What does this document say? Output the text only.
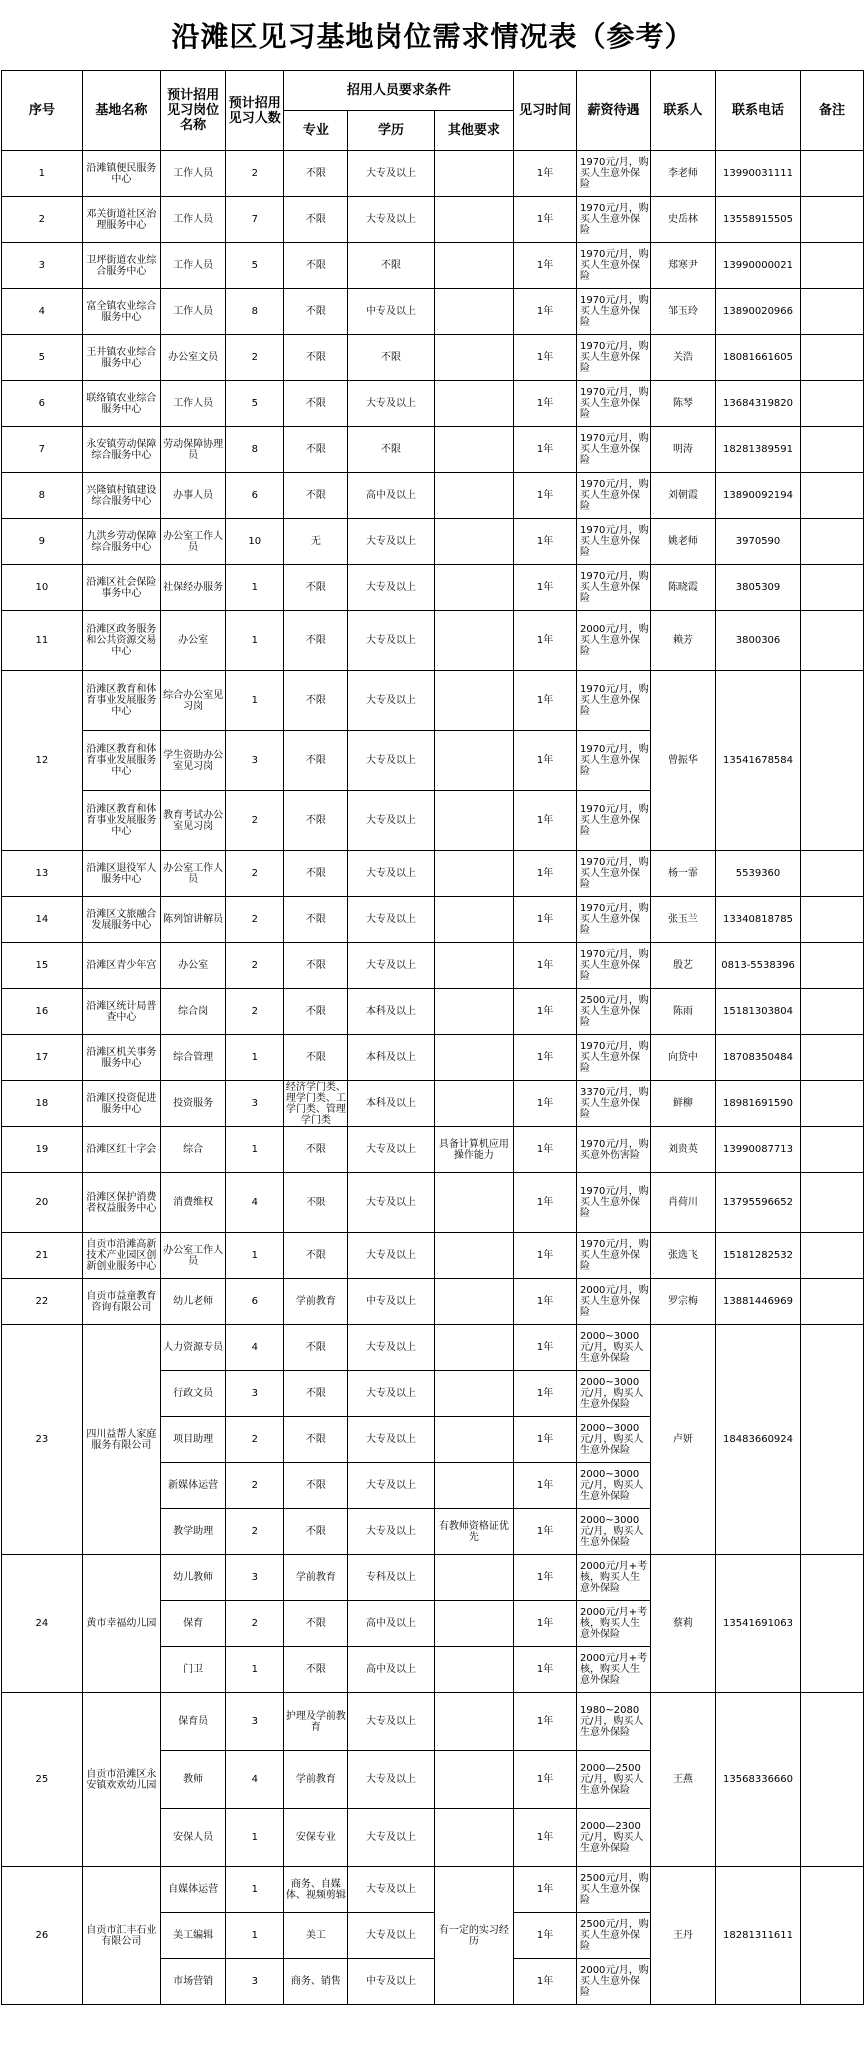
沿滩区见习基地岗位需求情况表（参考）
序号	基地名称	预计招用见习岗位名称	预计招用见习人数	招用人员要求条件			见习时间	薪资待遇	联系人	联系电话	备注
				专业	学历	其他要求					
1	沿滩镇便民服务中心	工作人员	2	不限	大专及以上		1年	1970元/月，购买人生意外保险	李老师	13990031111	
2	邓关街道社区治理服务中心	工作人员	7	不限	大专及以上		1年	1970元/月，购买人生意外保险	史岳林	13558915505	
3	卫坪街道农业综合服务中心	工作人员	5	不限	不限		1年	1970元/月，购买人生意外保险	郑寒尹	13990000021	
4	富全镇农业综合服务中心	工作人员	8	不限	中专及以上		1年	1970元/月，购买人生意外保险	邹玉玲	13890020966	
5	王井镇农业综合服务中心	办公室文员	2	不限	不限		1年	1970元/月，购买人生意外保险	关浩	18081661605	
6	联络镇农业综合服务中心	工作人员	5	不限	大专及以上		1年	1970元/月，购买人生意外保险	陈琴	13684319820	
7	永安镇劳动保障综合服务中心	劳动保障协理员	8	不限	不限		1年	1970元/月，购买人生意外保险	明涛	18281389591	
8	兴隆镇村镇建设综合服务中心	办事人员	6	不限	高中及以上		1年	1970元/月，购买人生意外保险	刘朝霞	13890092194	
9	九洪乡劳动保障综合服务中心	办公室工作人员	10	无	大专及以上		1年	1970元/月，购买人生意外保险	姚老师	3970590	
10	沿滩区社会保险事务中心	社保经办服务	1	不限	大专及以上		1年	1970元/月，购买人生意外保险	陈晓霞	3805309	
11	沿滩区政务服务和公共资源交易中心	办公室	1	不限	大专及以上		1年	2000元/月，购买人生意外保险	赖芳	3800306	
12	沿滩区教育和体育事业发展服务中心	综合办公室见习岗	1	不限	大专及以上		1年	1970元/月，购买人生意外保险	曾振华	13541678584	
	沿滩区教育和体育事业发展服务中心	学生资助办公室见习岗	3	不限	大专及以上		1年	1970元/月，购买人生意外保险			
	沿滩区教育和体育事业发展服务中心	教育考试办公室见习岗	2	不限	大专及以上		1年	1970元/月，购买人生意外保险			
13	沿滩区退役军人服务中心	办公室工作人员	2	不限	大专及以上		1年	1970元/月，购买人生意外保险	杨一霏	5539360	
14	沿滩区文旅融合发展服务中心	陈列馆讲解员	2	不限	大专及以上		1年	1970元/月，购买人生意外保险	张玉兰	13340818785	
15	沿滩区青少年宫	办公室	2	不限	大专及以上		1年	1970元/月，购买人生意外保险	殷艺	0813-5538396	
16	沿滩区统计局普查中心	综合岗	2	不限	本科及以上		1年	2500元/月，购买人生意外保险	陈雨	15181303804	
17	沿滩区机关事务服务中心	综合管理	1	不限	本科及以上		1年	1970元/月，购买人生意外保险	向贷中	18708350484	
18	沿滩区投资促进服务中心	投资服务	3	经济学门类、理学门类、工学门类、管理学门类	本科及以上		1年	3370元/月，购买人生意外保险	鲜柳	18981691590	
19	沿滩区红十字会	综合	1	不限	大专及以上	具备计算机应用操作能力	1年	1970元/月，购买意外伤害险	刘贵英	13990087713	
20	沿滩区保护消费者权益服务中心	消费维权	4	不限	大专及以上		1年	1970元/月，购买人生意外保险	肖荷川	13795596652	
21	自贡市沿滩高新技术产业园区创新创业服务中心	办公室工作人员	1	不限	大专及以上		1年	1970元/月，购买人生意外保险	张选飞	15181282532	
22	自贡市益童教育咨询有限公司	幼儿老师	6	学前教育	中专及以上		1年	2000元/月，购买人生意外保险	罗宗梅	13881446969	
23	四川益帮人家庭服务有限公司	人力资源专员	4	不限	大专及以上		1年	2000~3000元/月，购买人生意外保险	卢妍	18483660924	
		行政文员	3	不限	大专及以上		1年	2000~3000元/月，购买人生意外保险			
		项目助理	2	不限	大专及以上		1年	2000~3000元/月，购买人生意外保险			
		新媒体运营	2	不限	大专及以上		1年	2000~3000元/月，购买人生意外保险			
		教学助理	2	不限	大专及以上	有教师资格证优先	1年	2000~3000元/月，购买人生意外保险			
24	黄市幸福幼儿园	幼儿教师	3	学前教育	专科及以上		1年	2000元/月+考核，购买人生意外保险	蔡莉	13541691063	
		保育	2	不限	高中及以上		1年	2000元/月+考核，购买人生意外保险			
		门卫	1	不限	高中及以上		1年	2000元/月+考核，购买人生意外保险			
25	自贡市沿滩区永安镇欢欢幼儿园	保育员	3	护理及学前教育	大专及以上		1年	1980~2080元/月，购买人生意外保险	王燕	13568336660	
		教师	4	学前教育	大专及以上		1年	2000—2500元/月，购买人生意外保险			
		安保人员	1	安保专业	大专及以上		1年	2000—2300元/月，购买人生意外保险			
26	自贡市汇丰石业有限公司	自媒体运营	1	商务、自媒体、视频剪辑	大专及以上	有一定的实习经历	1年	2500元/月，购买人生意外保险	王丹	18281311611	
		美工编辑	1	美工	大专及以上		1年	2500元/月，购买人生意外保险			
		市场营销	3	商务、销售	中专及以上		1年	2000元/月，购买人生意外保险			
